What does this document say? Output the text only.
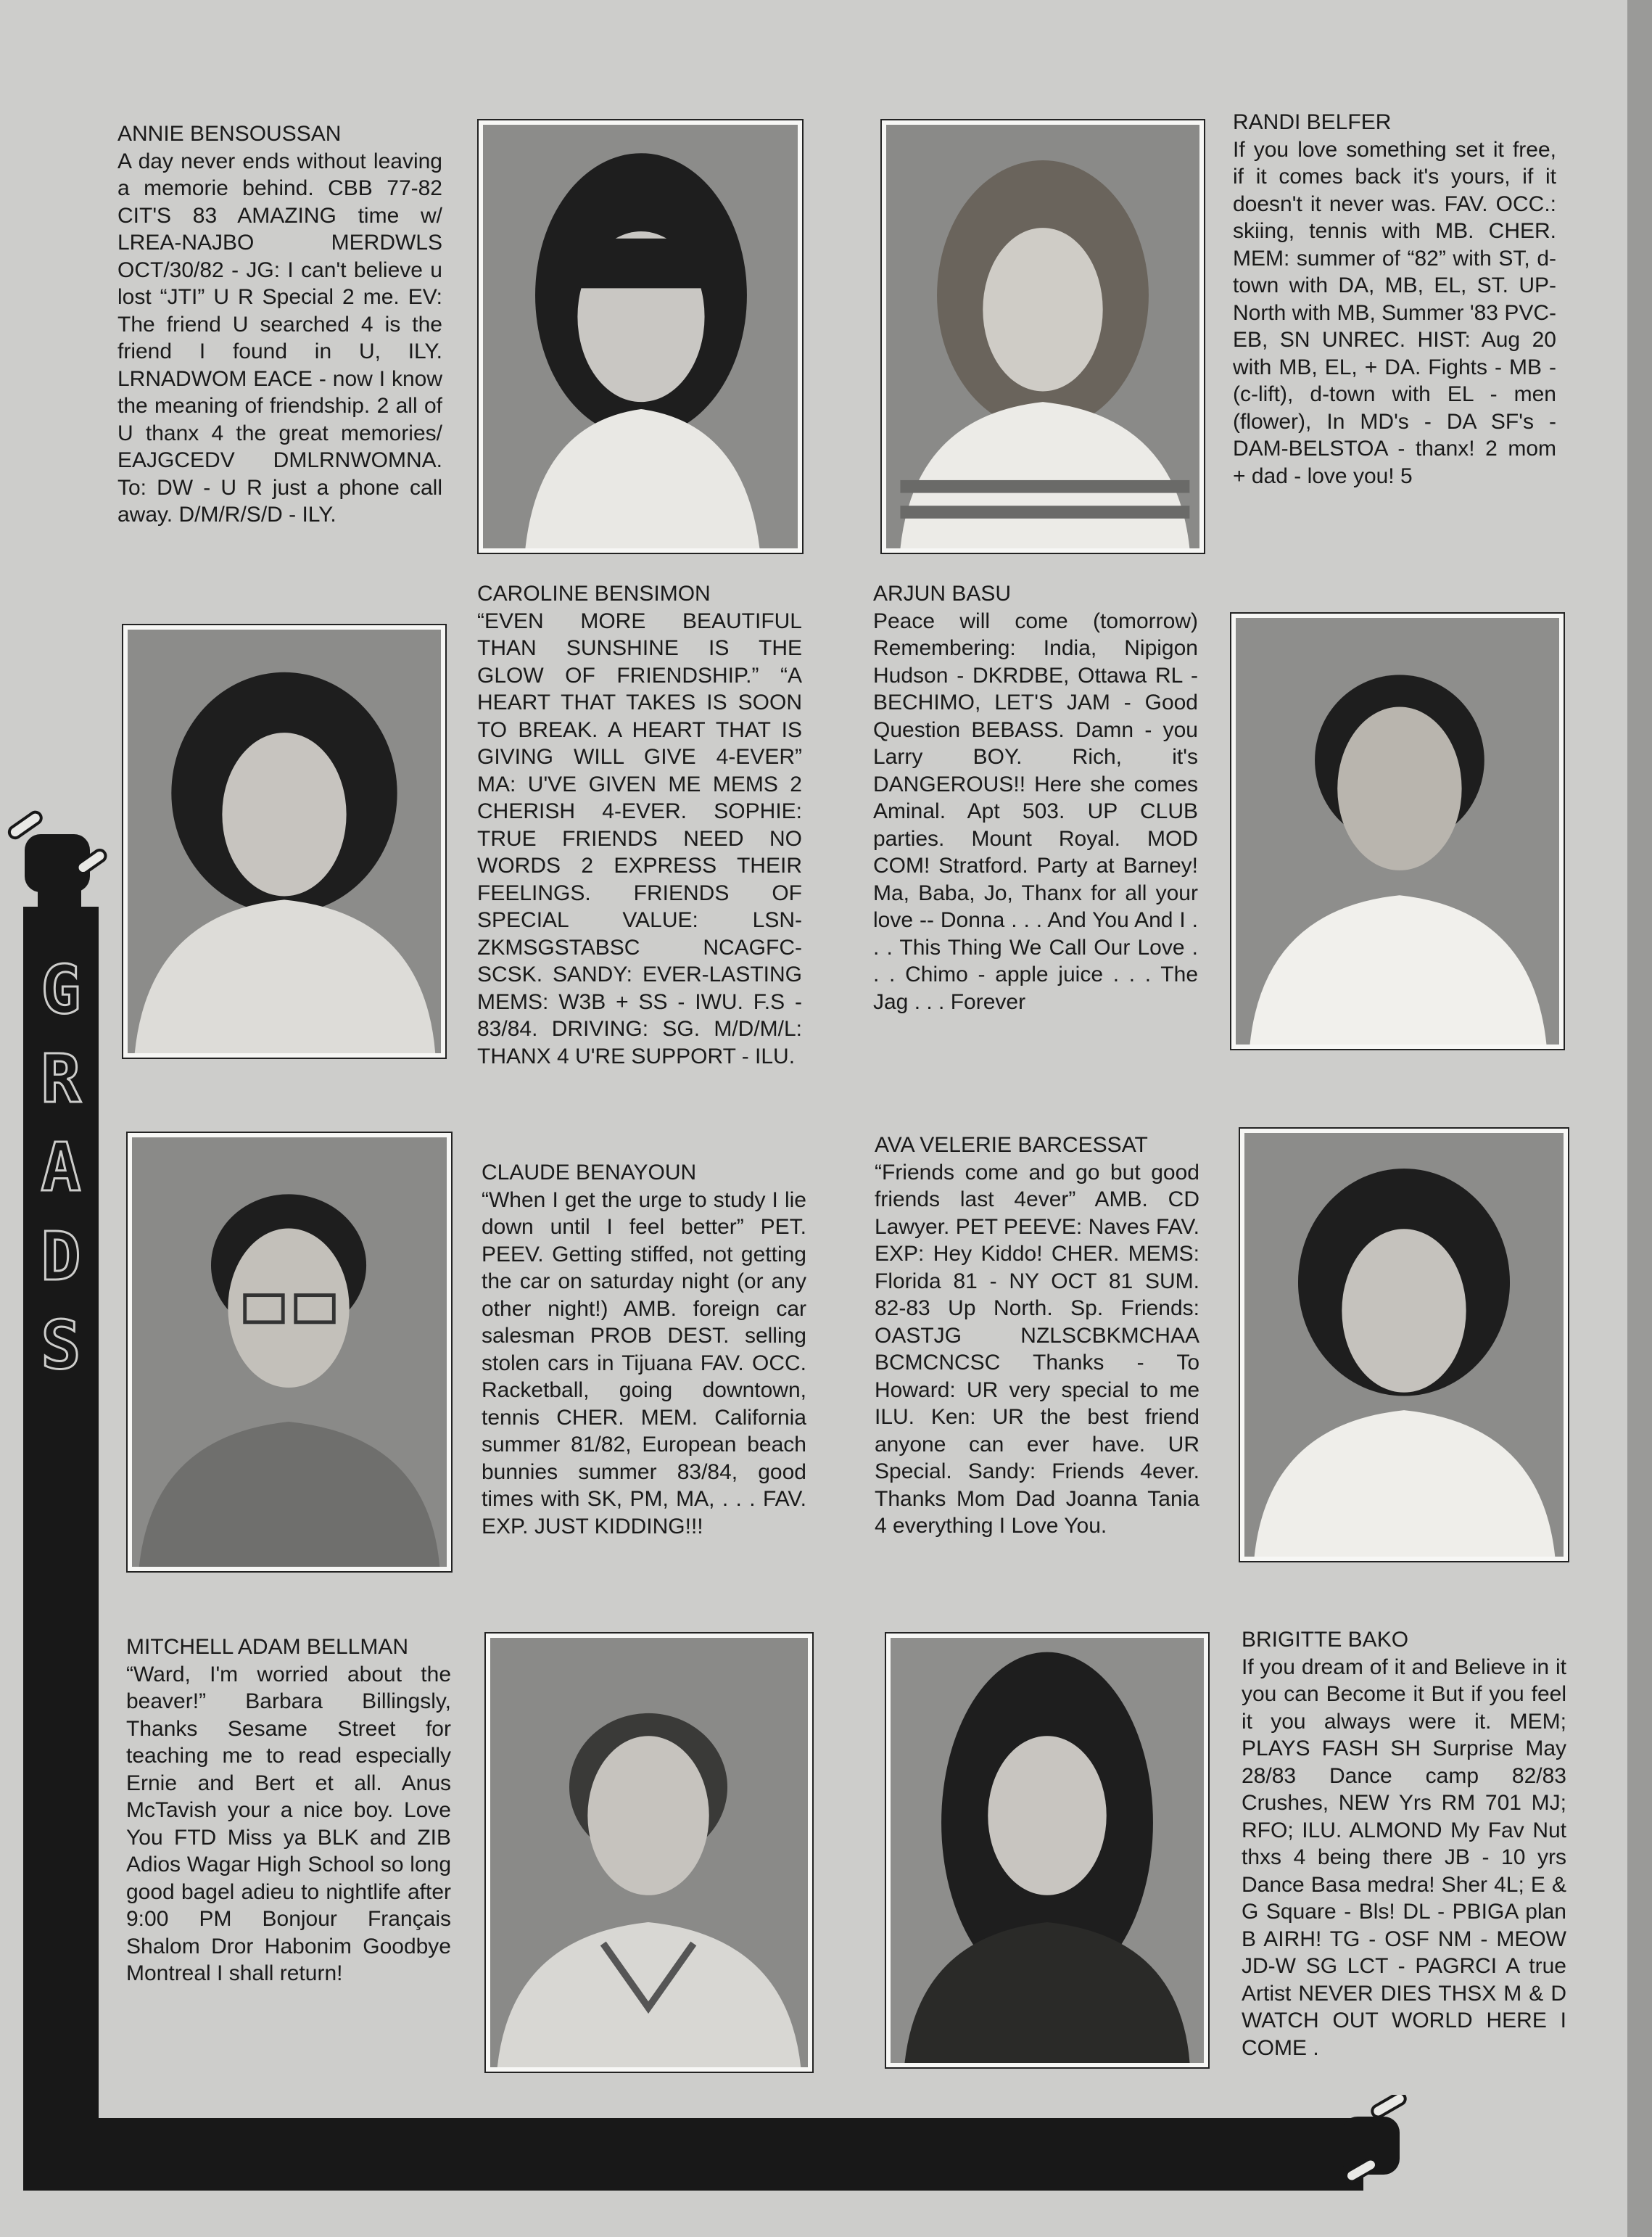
G
R
A
D
S

ANNIE BENSOUSSAN

A day never ends without leaving a memorie behind. CBB 77-82 CIT'S 83 AMAZING time w/ LREA-NAJBO MERDWLS OCT/30/82 - JG: I can't believe u lost “JTI” U R Special 2 me. EV: The friend U searched 4 is the friend I found in U, ILY. LRNADWOM EACE - now I know the meaning of friendship. 2 all of U thanx 4 the great memories/ EAJGCEDV DMLRNWOMNA. To: DW - U R just a phone call away. D/M/R/S/D - ILY.

RANDI BELFER

If you love something set it free, if it comes back it's yours, if it doesn't it never was. FAV. OCC.: skiing, tennis with MB. CHER. MEM: summer of “82” with ST, d-town with DA, MB, EL, ST. UP-North with MB, Summer '83 PVC-EB, SN UNREC. HIST: Aug 20 with MB, EL, + DA. Fights - MB - (c-lift), d-town with EL - men (flower), In MD's - DA SF's - DAM-BELSTOA - thanx! 2 mom + dad - love you! 5

CAROLINE BENSIMON

“EVEN MORE BEAUTIFUL THAN SUNSHINE IS THE GLOW OF FRIENDSHIP.” “A HEART THAT TAKES IS SOON TO BREAK. A HEART THAT IS GIVING WILL GIVE 4-EVER” MA: U'VE GIVEN ME MEMS 2 CHERISH 4-EVER. SOPHIE: TRUE FRIENDS NEED NO WORDS 2 EXPRESS THEIR FEELINGS. FRIENDS OF SPECIAL VALUE: LSN-ZKMSGSTABSC NCAGFC-SCSK. SANDY: EVER-LASTING MEMS: W3B + SS - IWU. F.S - 83/84. DRIVING: SG. M/D/M/L: THANX 4 U'RE SUPPORT - ILU.

ARJUN BASU

Peace will come (tomorrow) Remembering: India, Nipigon Hudson - DKRDBE, Ottawa RL - BECHIMO, LET'S JAM - Good Question BEBASS. Damn - you Larry BOY. Rich, it's DANGEROUS!! Here she comes Aminal. Apt 503. UP CLUB parties. Mount Royal. MOD COM! Stratford. Party at Barney! Ma, Baba, Jo, Thanx for all your love -- Donna . . . And You And I . . . This Thing We Call Our Love . . . Chimo - apple juice . . . The Jag . . . Forever

CLAUDE BENAYOUN

“When I get the urge to study I lie down until I feel better” PET. PEEV. Getting stiffed, not getting the car on saturday night (or any other night!) AMB. foreign car salesman PROB DEST. selling stolen cars in Tijuana FAV. OCC. Racketball, going downtown, tennis CHER. MEM. California summer 81/82, European beach bunnies summer 83/84, good times with SK, PM, MA, . . . FAV. EXP. JUST KIDDING!!!

AVA VELERIE BARCESSAT

“Friends come and go but good friends last 4ever” AMB. CD Lawyer. PET PEEVE: Naves FAV. EXP: Hey Kiddo! CHER. MEMS: Florida 81 - NY OCT 81 SUM. 82-83 Up North. Sp. Friends: OASTJG NZLSCBKMCHAA BCMCNCSC Thanks - To Howard: UR very special to me ILU. Ken: UR the best friend anyone can ever have. UR Special. Sandy: Friends 4ever. Thanks Mom Dad Joanna Tania 4 everything I Love You.

MITCHELL ADAM BELLMAN

“Ward, I'm worried about the beaver!” Barbara Billingsly, Thanks Sesame Street for teaching me to read especially Ernie and Bert et all. Anus McTavish your a nice boy. Love You FTD Miss ya BLK and ZIB Adios Wagar High School so long good bagel adieu to nightlife after 9:00 PM Bonjour Français Shalom Dror Habonim Goodbye Montreal I shall return!

BRIGITTE BAKO

If you dream of it and Believe in it you can Become it But if you feel it you always were it. MEM; PLAYS FASH SH Surprise May 28/83 Dance camp 82/83 Crushes, NEW Yrs RM 701 MJ; RFO; ILU. ALMOND My Fav Nut thxs 4 being there JB - 10 yrs Dance Basa medra! Sher 4L; E & G Square - Bls! DL - PBIGA plan B AIRH! TG - OSF NM - MEOW JD-W SG LCT - PAGRCI A true Artist NEVER DIES THSX M & D WATCH OUT WORLD HERE I COME .
